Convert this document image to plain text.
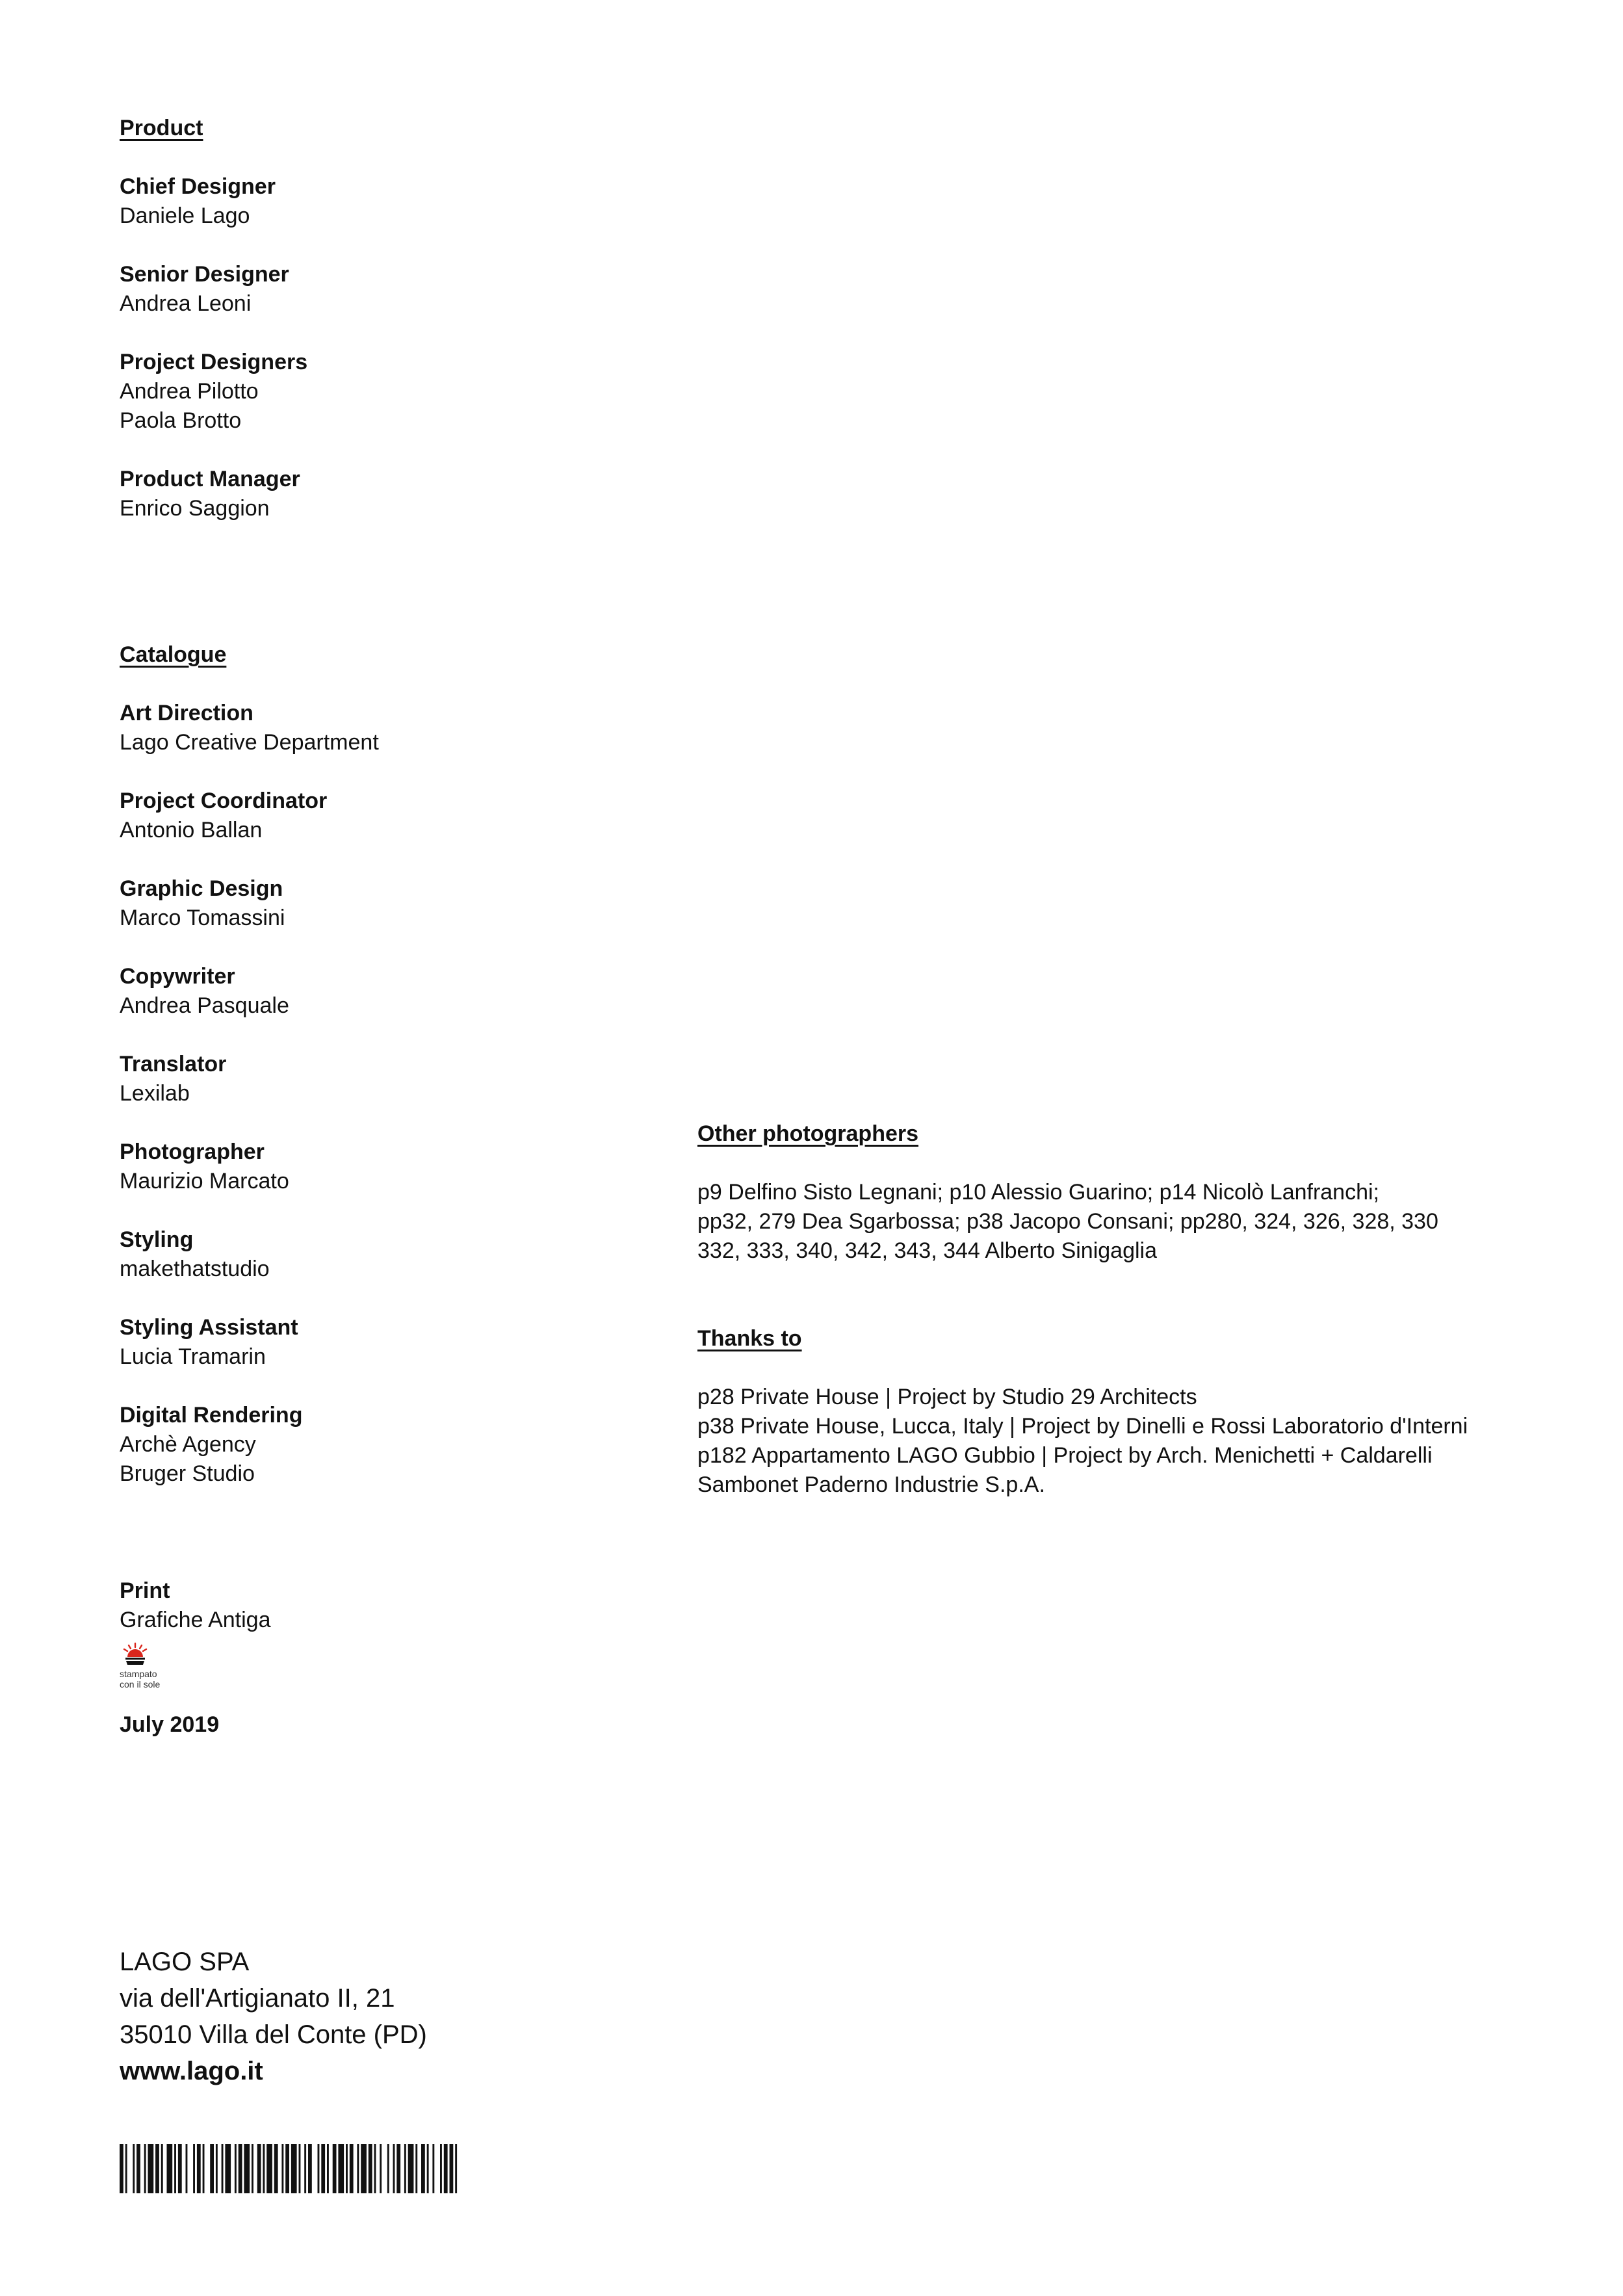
Product
Chief Designer
Daniele Lago
Senior Designer
Andrea Leoni
Project Designers
Andrea Pilotto
Paola Brotto
Product Manager
Enrico Saggion
Catalogue
Art Direction
Lago Creative Department
Project Coordinator
Antonio Ballan
Graphic Design
Marco Tomassini
Copywriter
Andrea Pasquale
Translator
Lexilab
Photographer
Maurizio Marcato
Styling
makethatstudio
Styling Assistant
Lucia Tramarin
Digital Rendering
Archè Agency
Bruger Studio
Print
Grafiche Antiga
stampato
con il sole
July 2019
Other photographers
p9 Delfino Sisto Legnani; p10 Alessio Guarino; p14 Nicolò Lanfranchi;
pp32, 279 Dea Sgarbossa; p38 Jacopo Consani; pp280, 324, 326, 328, 330
332, 333, 340, 342, 343, 344 Alberto Sinigaglia
Thanks to
p28 Private House | Project by Studio 29 Architects
p38 Private House, Lucca, Italy | Project by Dinelli e Rossi Laboratorio d'Interni
p182 Appartamento LAGO Gubbio | Project by Arch. Menichetti + Caldarelli
Sambonet Paderno Industrie S.p.A.
LAGO SPA
via dell'Artigianato II, 21
35010 Villa del Conte (PD)
www.lago.it
